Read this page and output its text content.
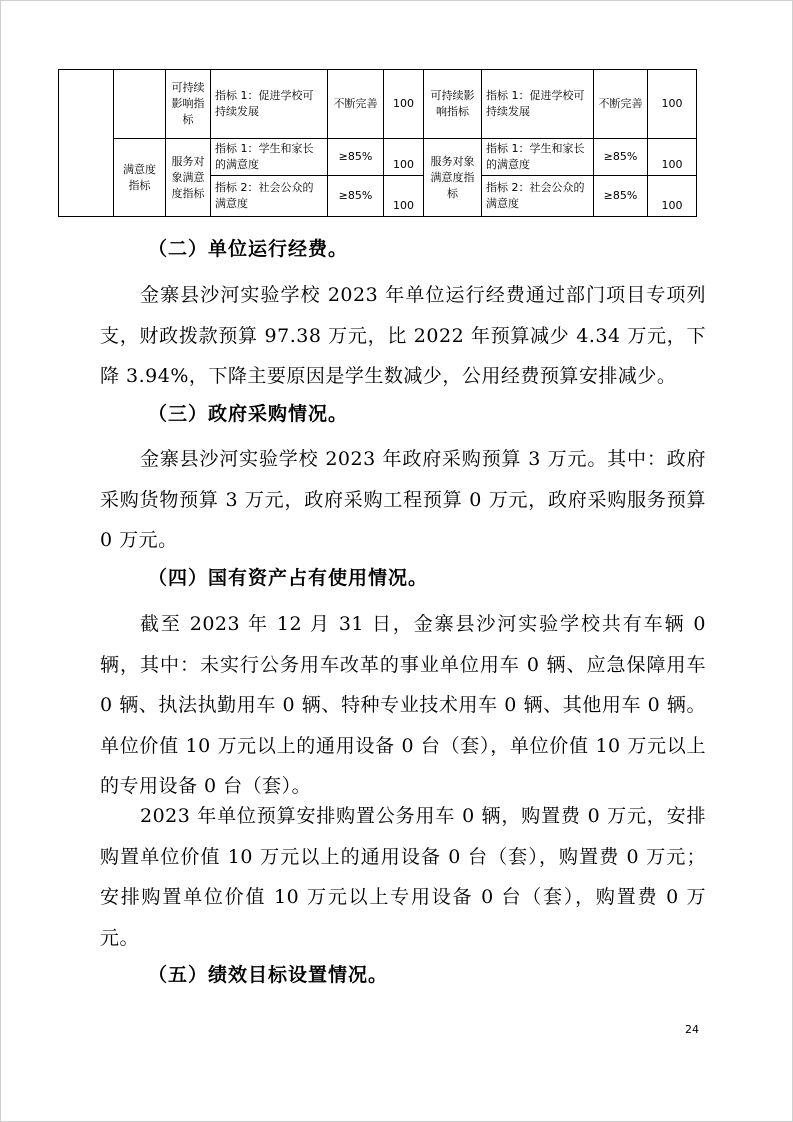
		可持续影响指标	指标 1：促进学校可持续发展	不断完善	100	可持续影响指标	指标 1：促进学校可持续发展	不断完善	100
	满意度指标	服务对象满意度指标	指标 1：学生和家长的满意度	≥85%	100	服务对象满意度指标	指标 1：学生和家长的满意度	≥85%	100
			指标 2：社会公众的满意度	≥85%	100		指标 2：社会公众的满意度	≥85%	100
（二）单位运行经费。
金寨县沙河实验学校 2023 年单位运行经费通过部门项目专项列支，财政拨款预算 97.38 万元，比 2022 年预算减少 4.34 万元，下降 3.94%，下降主要原因是学生数减少，公用经费预算安排减少。
（三）政府采购情况。
金寨县沙河实验学校 2023 年政府采购预算 3 万元。其中：政府采购货物预算 3 万元，政府采购工程预算 0 万元，政府采购服务预算 0 万元。
（四）国有资产占有使用情况。
截至 2023 年 12 月 31 日，金寨县沙河实验学校共有车辆 0 辆，其中：未实行公务用车改革的事业单位用车 0 辆、应急保障用车 0 辆、执法执勤用车 0 辆、特种专业技术用车 0 辆、其他用车 0 辆。单位价值 10 万元以上的通用设备 0 台（套），单位价值 10 万元以上的专用设备 0 台（套）。
2023 年单位预算安排购置公务用车 0 辆，购置费 0 万元，安排购置单位价值 10 万元以上的通用设备 0 台（套），购置费 0 万元；安排购置单位价值 10 万元以上专用设备 0 台（套），购置费 0 万元。
（五）绩效目标设置情况。
24
